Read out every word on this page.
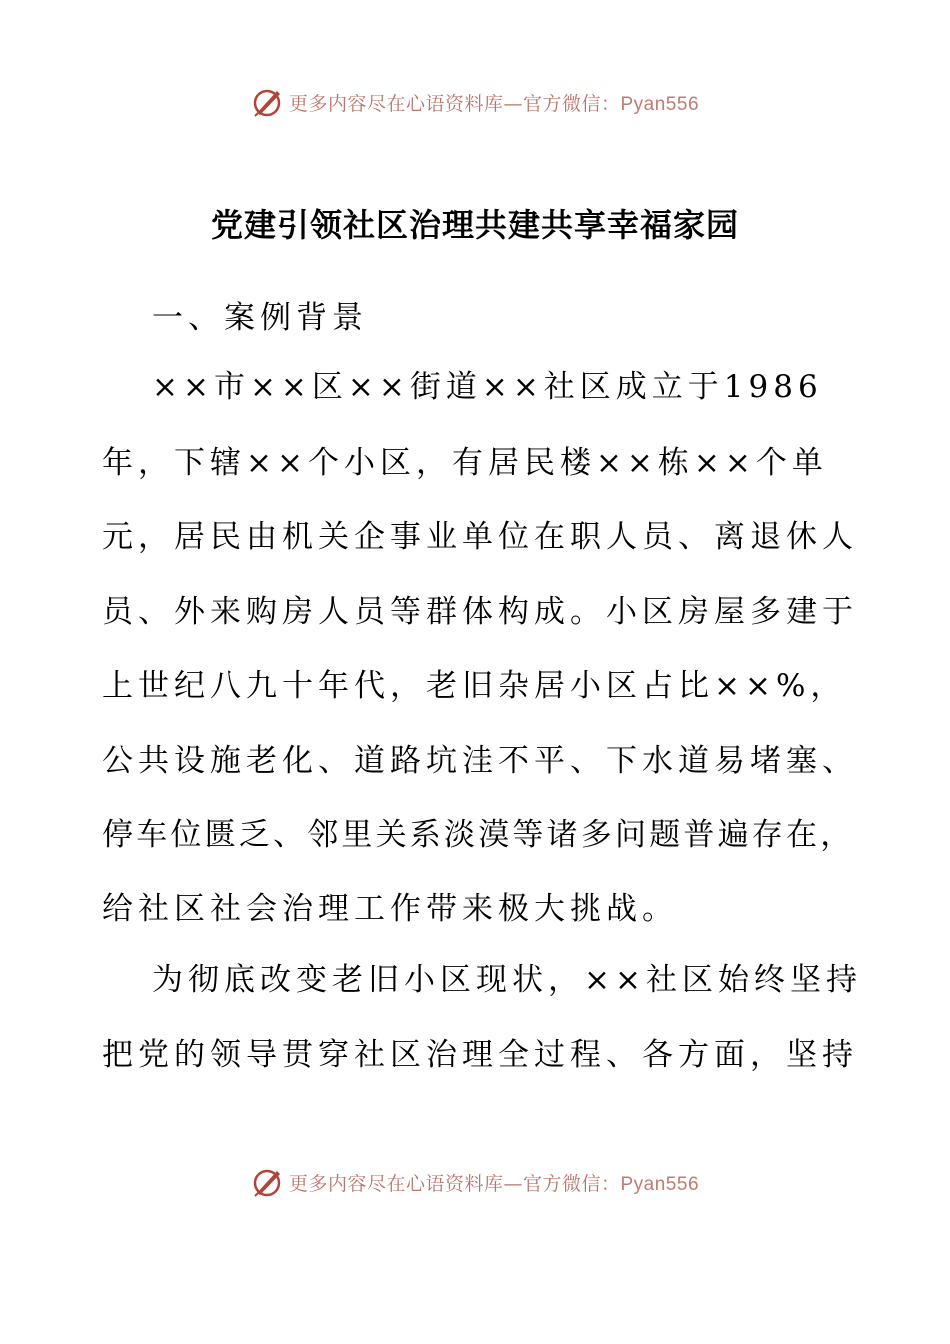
更多内容尽在心语资料库—官方微信：Pyan556
党建引领社区治理共建共享幸福家园
一、案例背景
××市××区××街道××社区成立于1986
年，下辖××个小区，有居民楼××栋××个单
元，居民由机关企事业单位在职人员、离退休人
员、外来购房人员等群体构成。小区房屋多建于
上世纪八九十年代，老旧杂居小区占比××%，
公共设施老化、道路坑洼不平、下水道易堵塞、
停车位匮乏、邻里关系淡漠等诸多问题普遍存在，
给社区社会治理工作带来极大挑战。
为彻底改变老旧小区现状，××社区始终坚持
把党的领导贯穿社区治理全过程、各方面，坚持
更多内容尽在心语资料库—官方微信：Pyan556
